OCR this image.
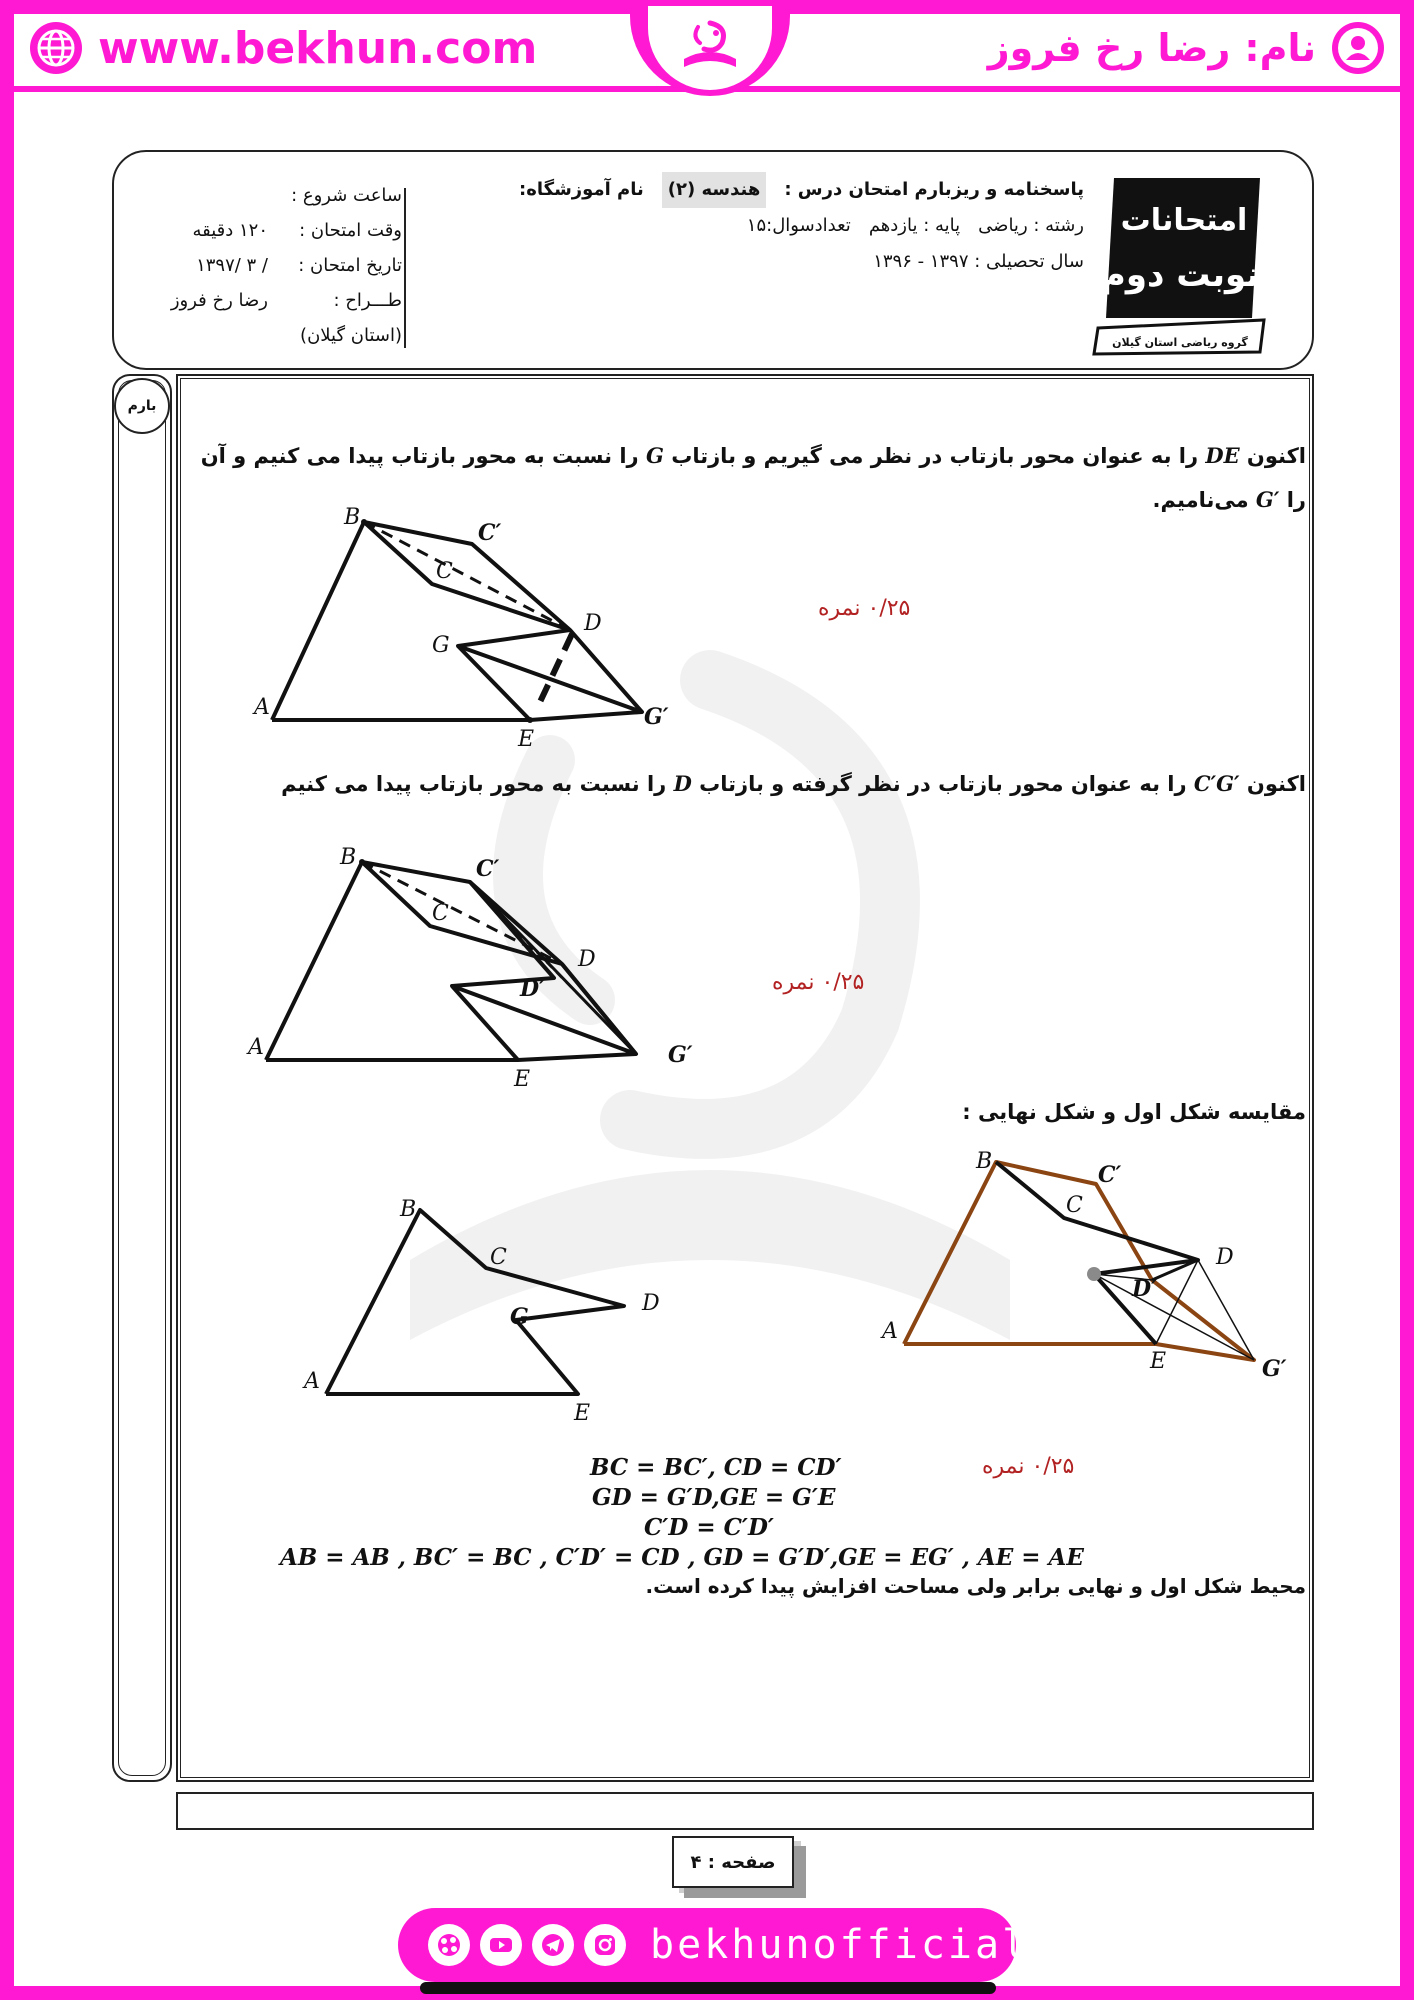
www.bekhun.com	نام:
رضا رخ فروز
امتحانات
نوبت دوم
گروه ریاضی استان گیلان
پاسخنامه و ریزبارم امتحان درس :
هندسه (۲)
نام آموزشگاه:
رشته : ریاضی
پایه : یازدهم
تعدادسوال:۱۵
سال تحصیلی : ۱۳۹۷ - ۱۳۹۶
ساعت شروع :
وقت امتحان :
۱۲۰ دقیقه
تاریخ امتحان :
/ ۳ /۱۳۹۷
طـــراح :
رضا رخ فروز
(استان گیلان)
بارم
اکنون DE را به عنوان محور بازتاب در نظر می گیریم و بازتاب G را نسبت به محور بازتاب پیدا می کنیم و آن را G′ می‌نامیم.
A
B
C
C′
D
G
G′
E
۰/۲۵ نمره
اکنون C′G′ را به عنوان محور بازتاب در نظر گرفته و بازتاب D را نسبت به محور بازتاب پیدا می کنیم
A
B
C
C′
D
D′
G′
E
۰/۲۵ نمره
مقایسه شکل اول و شکل نهایی :
A
B
C
D
G
E
A
B
C
C′
D
D′
G′
E
۰/۲۵ نمره
BC = BC′, CD = CD′
GD = G′D,GE = G′E
C′D = C′D′
AB = AB , BC′ = BC , C′D′ = CD , GD = G′D′,GE = EG′ , AE = AE
محیط شکل اول و نهایی برابر ولی مساحت افزایش پیدا کرده است.
صفحه : ۴
bekhunofficial
